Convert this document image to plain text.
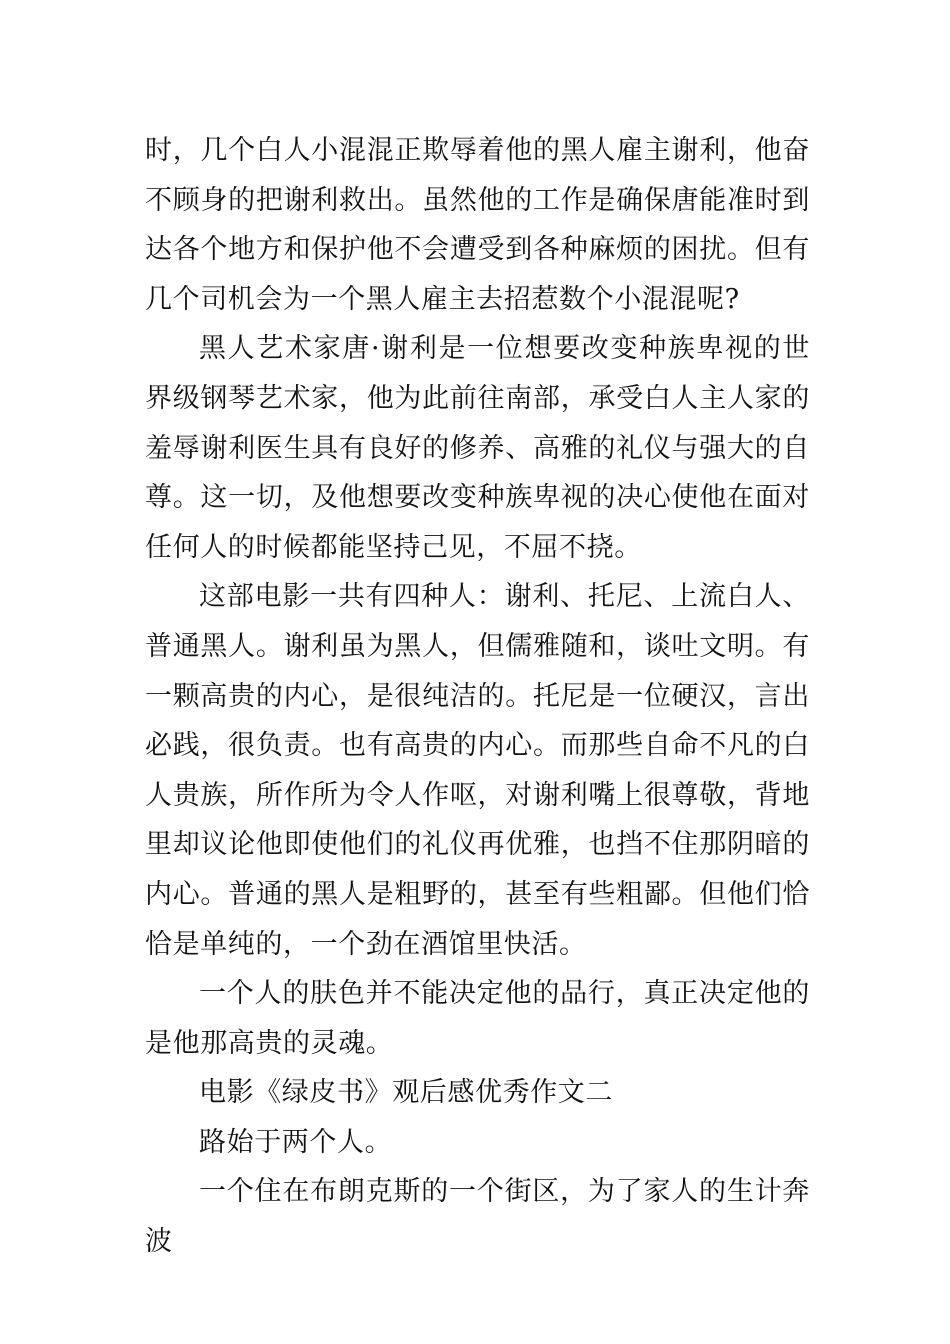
时，几个白人小混混正欺辱着他的黑人雇主谢利，他奋不顾身的把谢利救出。虽然他的工作是确保唐能准时到达各个地方和保护他不会遭受到各种麻烦的困扰。但有几个司机会为一个黑人雇主去招惹数个小混混呢?

黑人艺术家唐·谢利是一位想要改变种族卑视的世界级钢琴艺术家，他为此前往南部，承受白人主人家的羞辱谢利医生具有良好的修养、高雅的礼仪与强大的自尊。这一切，及他想要改变种族卑视的决心使他在面对任何人的时候都能坚持己见，不屈不挠。

这部电影一共有四种人：谢利、托尼、上流白人、普通黑人。谢利虽为黑人，但儒雅随和，谈吐文明。有一颗高贵的内心，是很纯洁的。托尼是一位硬汉，言出必践，很负责。也有高贵的内心。而那些自命不凡的白人贵族，所作所为令人作呕，对谢利嘴上很尊敬，背地里却议论他即使他们的礼仪再优雅，也挡不住那阴暗的内心。普通的黑人是粗野的，甚至有些粗鄙。但他们恰恰是单纯的，一个劲在酒馆里快活。

一个人的肤色并不能决定他的品行，真正决定他的是他那高贵的灵魂。

电影《绿皮书》观后感优秀作文二

路始于两个人。

一个住在布朗克斯的一个街区，为了家人的生计奔波
